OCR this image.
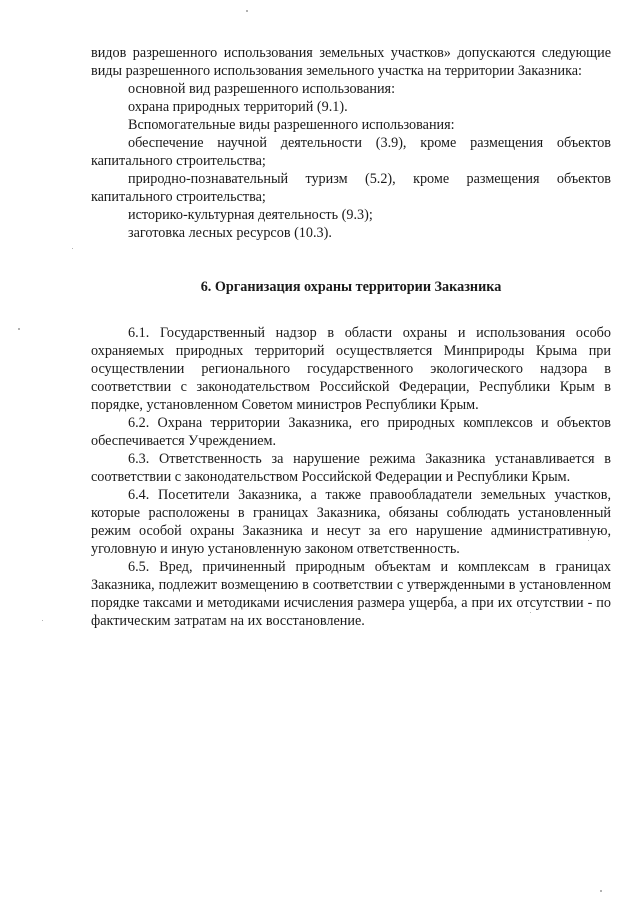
видов разрешенного использования земельных участков» допускаются следующие виды разрешенного использования земельного участка на территории Заказника:

основной вид разрешенного использования:

охрана природных территорий (9.1).

Вспомогательные виды разрешенного использования:

обеспечение научной деятельности (3.9), кроме размещения объектов капитального строительства;

природно-познавательный туризм (5.2), кроме размещения объектов капитального строительства;

историко-культурная деятельность (9.3);

заготовка лесных ресурсов (10.3).

6. Организация охраны территории Заказника

6.1. Государственный надзор в области охраны и использования особо охраняемых природных территорий осуществляется Минприроды Крыма при осуществлении регионального государственного экологического надзора в соответствии с законодательством Российской Федерации, Республики Крым в порядке, установленном Советом министров Республики Крым.

6.2. Охрана территории Заказника, его природных комплексов и объектов обеспечивается Учреждением.

6.3. Ответственность за нарушение режима Заказника устанавливается в соответствии с законодательством Российской Федерации и Республики Крым.

6.4. Посетители Заказника, а также правообладатели земельных участков, которые расположены в границах Заказника, обязаны соблюдать установленный режим особой охраны Заказника и несут за его нарушение административную, уголовную и иную установленную законом ответственность.

6.5. Вред, причиненный природным объектам и комплексам в границах Заказника, подлежит возмещению в соответствии с утвержденными в установленном порядке таксами и методиками исчисления размера ущерба, а при их отсутствии - по фактическим затратам на их восстановление.
